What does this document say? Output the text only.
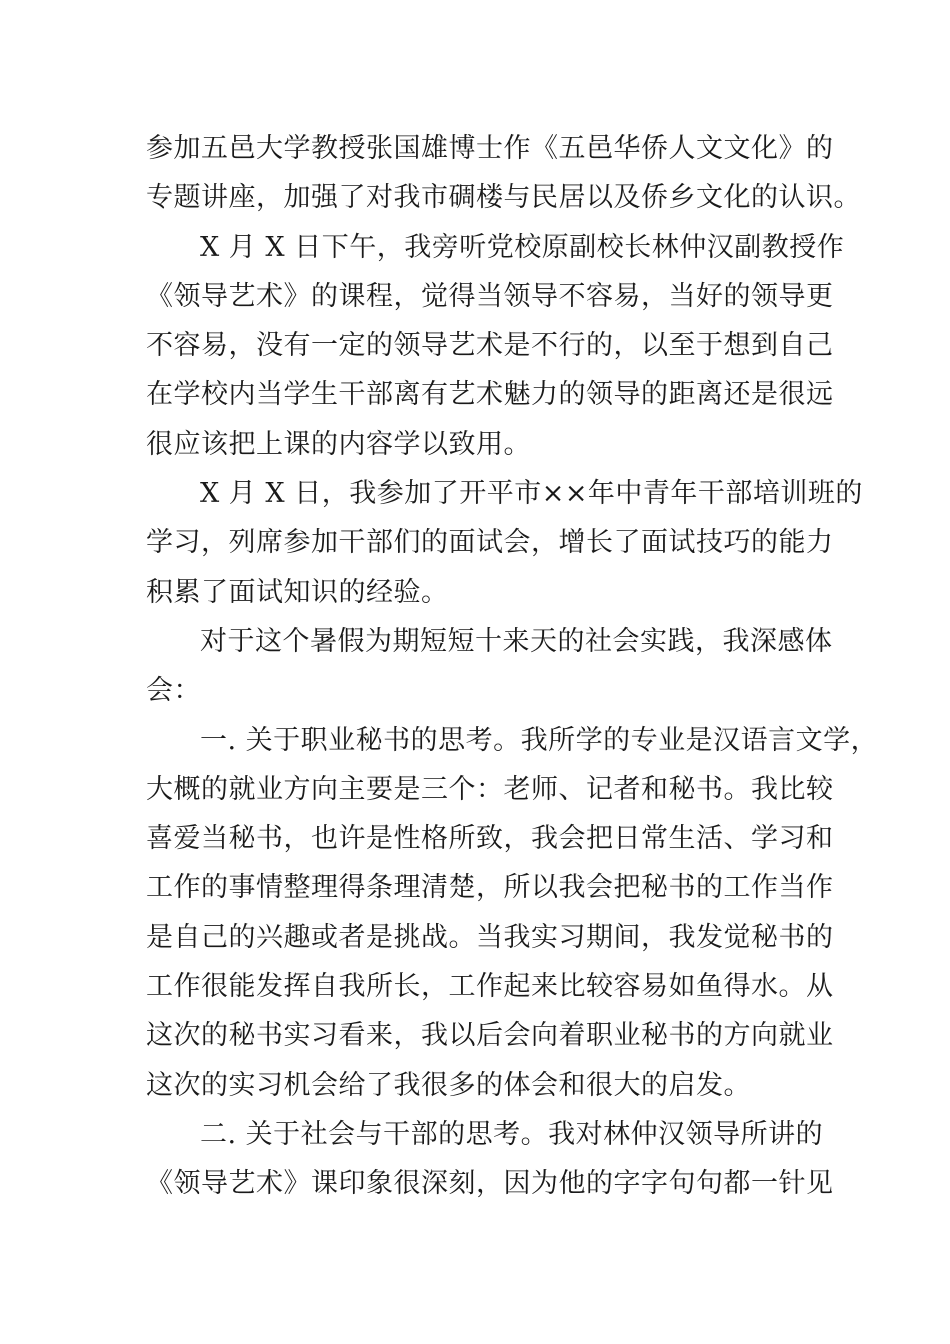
参加五邑大学教授张国雄博士作《五邑华侨人文文化》的
专题讲座，加强了对我市碉楼与民居以及侨乡文化的认识。
X 月 X 日下午，我旁听党校原副校长林仲汉副教授作
《领导艺术》的课程，觉得当领导不容易，当好的领导更
不容易，没有一定的领导艺术是不行的，以至于想到自己
在学校内当学生干部离有艺术魅力的领导的距离还是很远
很应该把上课的内容学以致用。
X 月 X 日，我参加了开平市××年中青年干部培训班的
学习，列席参加干部们的面试会，增长了面试技巧的能力
积累了面试知识的经验。
对于这个暑假为期短短十来天的社会实践，我深感体
会：
一. 关于职业秘书的思考。我所学的专业是汉语言文学，
大概的就业方向主要是三个：老师、记者和秘书。我比较
喜爱当秘书，也许是性格所致，我会把日常生活、学习和
工作的事情整理得条理清楚，所以我会把秘书的工作当作
是自己的兴趣或者是挑战。当我实习期间，我发觉秘书的
工作很能发挥自我所长，工作起来比较容易如鱼得水。从
这次的秘书实习看来，我以后会向着职业秘书的方向就业
这次的实习机会给了我很多的体会和很大的启发。
二. 关于社会与干部的思考。我对林仲汉领导所讲的
《领导艺术》课印象很深刻，因为他的字字句句都一针见
